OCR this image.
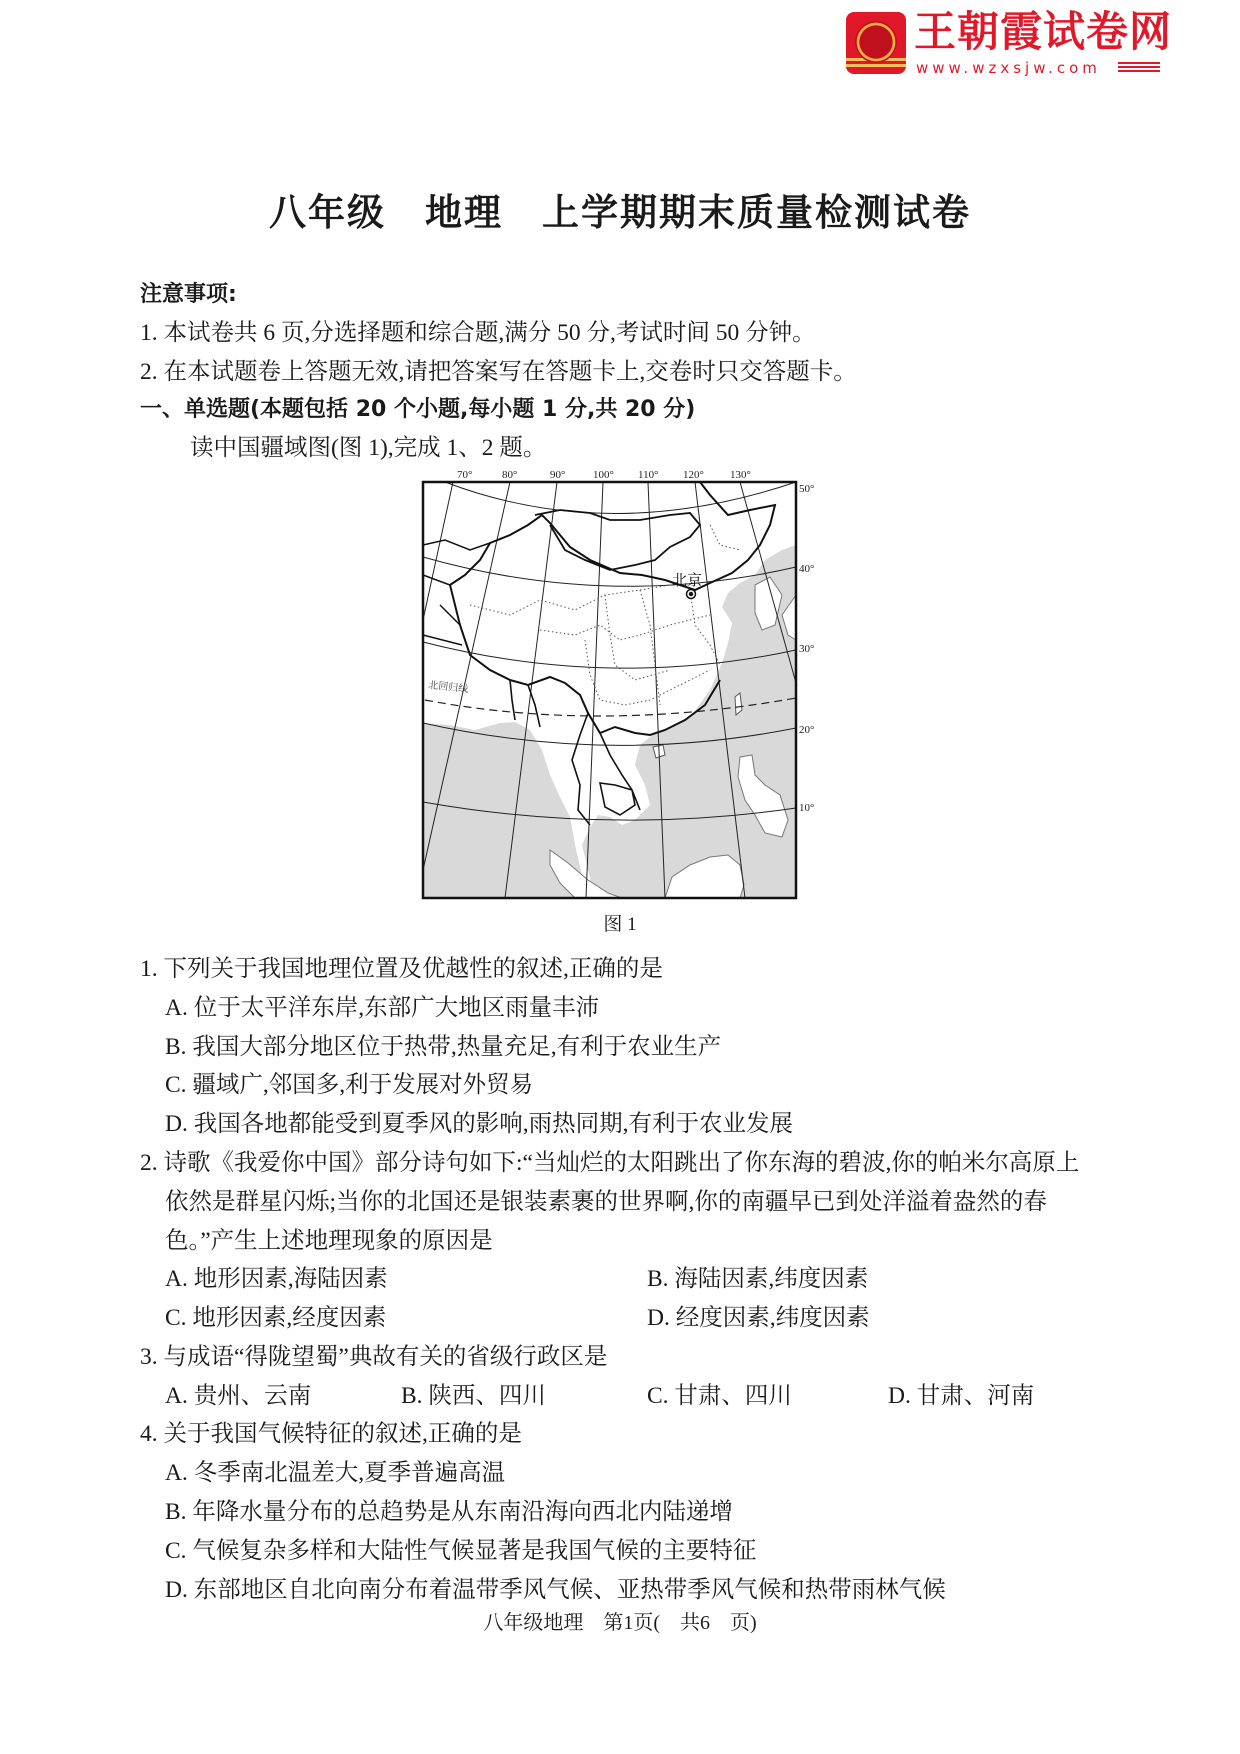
王朝霞试卷网
www.wzxsjw.com
八年级　地理　上学期期末质量检测试卷
注意事项:
1. 本试卷共 6 页,分选择题和综合题,满分 50 分,考试时间 50 分钟。
2. 在本试题卷上答题无效,请把答案写在答题卡上,交卷时只交答题卡。
一、单选题(本题包括 20 个小题,每小题 1 分,共 20 分)
读中国疆域图(图 1),完成 1、2 题。
北京
北回归线
70°	80°	90°	100° 110° 120° 130°
50°
40°
30°
20°
10°
图 1
1. 下列关于我国地理位置及优越性的叙述,正确的是
A. 位于太平洋东岸,东部广大地区雨量丰沛
B. 我国大部分地区位于热带,热量充足,有利于农业生产
C. 疆域广,邻国多,利于发展对外贸易
D. 我国各地都能受到夏季风的影响,雨热同期,有利于农业发展
2. 诗歌《我爱你中国》部分诗句如下:“当灿烂的太阳跳出了你东海的碧波,你的帕米尔高原上
依然是群星闪烁;当你的北国还是银装素裹的世界啊,你的南疆早已到处洋溢着盎然的春
色。”产生上述地理现象的原因是
A. 地形因素,海陆因素	B. 海陆因素,纬度因素
C. 地形因素,经度因素	D. 经度因素,纬度因素
3. 与成语“得陇望蜀”典故有关的省级行政区是
A. 贵州、云南	B. 陕西、四川	C. 甘肃、四川	D. 甘肃、河南
4. 关于我国气候特征的叙述,正确的是
A. 冬季南北温差大,夏季普遍高温
B. 年降水量分布的总趋势是从东南沿海向西北内陆递增
C. 气候复杂多样和大陆性气候显著是我国气候的主要特征
D. 东部地区自北向南分布着温带季风气候、亚热带季风气候和热带雨林气候
八年级地理　第1页(　共6　页)
